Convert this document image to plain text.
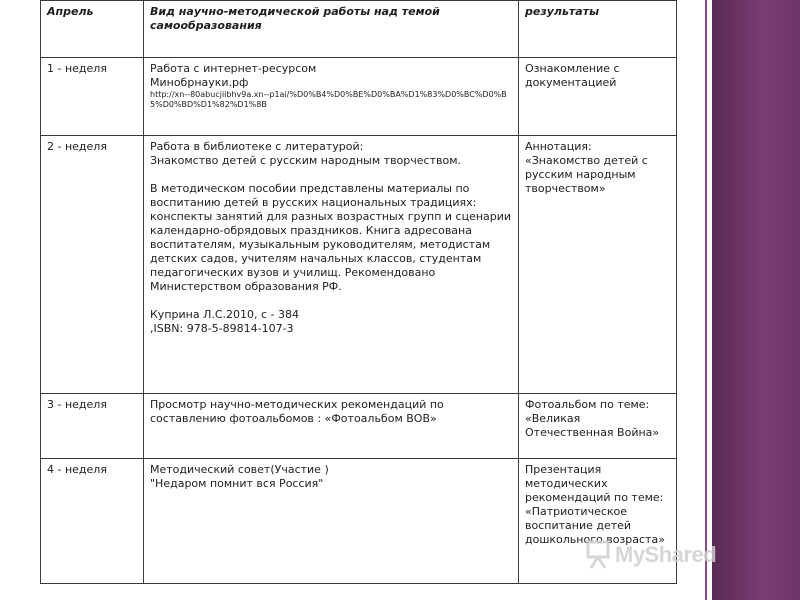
Апрель	Вид научно-методической работы над темой самообразования	результаты
1 - неделя	Работа с интернет-ресурсом
Минобрнауки.рф
http://xn--80abucjiibhv9a.xn--p1ai/%D0%B4%D0%BE%D0%BA%D1%83%D0%BC%D0%B5%D0%BD%D1%82%D1%8B	Ознакомление с документацией
2 - неделя	Работа в библиотеке с литературой:
Знакомство детей с русским народным творчеством.
В методическом пособии представлены материалы по воспитанию детей в русских национальных традициях: конспекты занятий для разных возрастных групп и сценарии календарно-обрядовых праздников. Книга адресована воспитателям, музыкальным руководителям, методистам детских садов, учителям начальных классов, студентам педагогических вузов и училищ. Рекомендовано Министерством образования РФ.
Куприна Л.С.2010, с - 384
,ISBN: 978-5-89814-107-3	Аннотация: «Знакомство детей с русским народным творчеством»
3 - неделя	Просмотр научно-методических рекомендаций по составлению фотоальбомов : «Фотоальбом ВОВ»	Фотоальбом по теме: «Великая Отечественная Война»
4 - неделя	Методический совет(Участие )
"Недаром помнит вся Россия"	Презентация методических рекомендаций по теме: «Патриотическое воспитание детей дошкольного возраста»
MyShared
